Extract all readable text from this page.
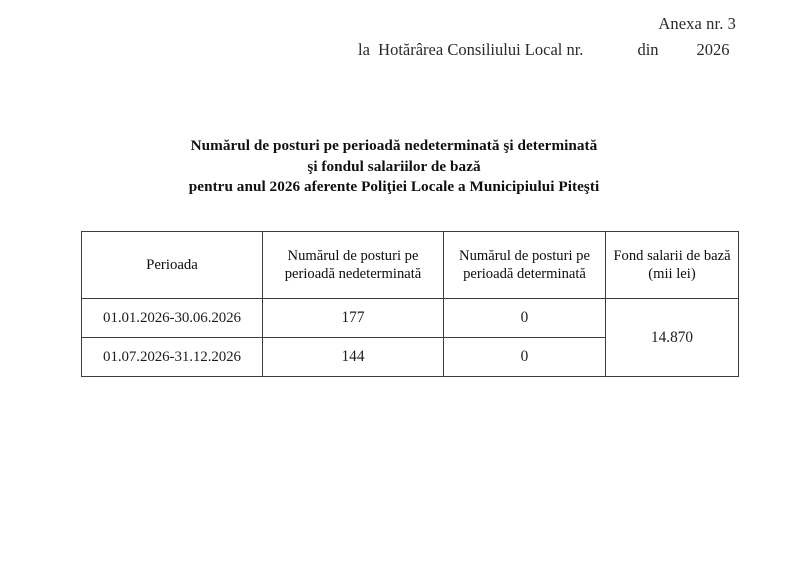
Anexa nr. 3
la  Hotărârea Consiliului Local nr.	din 2026
Numărul de posturi pe perioadă nedeterminată şi determinată
şi fondul salariilor de bază
pentru anul 2026 aferente Poliţiei Locale a Municipiului Piteşti
Perioada	Numărul de posturi pe perioadă nedeterminată	Numărul de posturi pe perioadă determinată	Fond salarii de bază (mii lei)
01.01.2026-30.06.2026	177	0	14.870
01.07.2026-31.12.2026	144	0	
